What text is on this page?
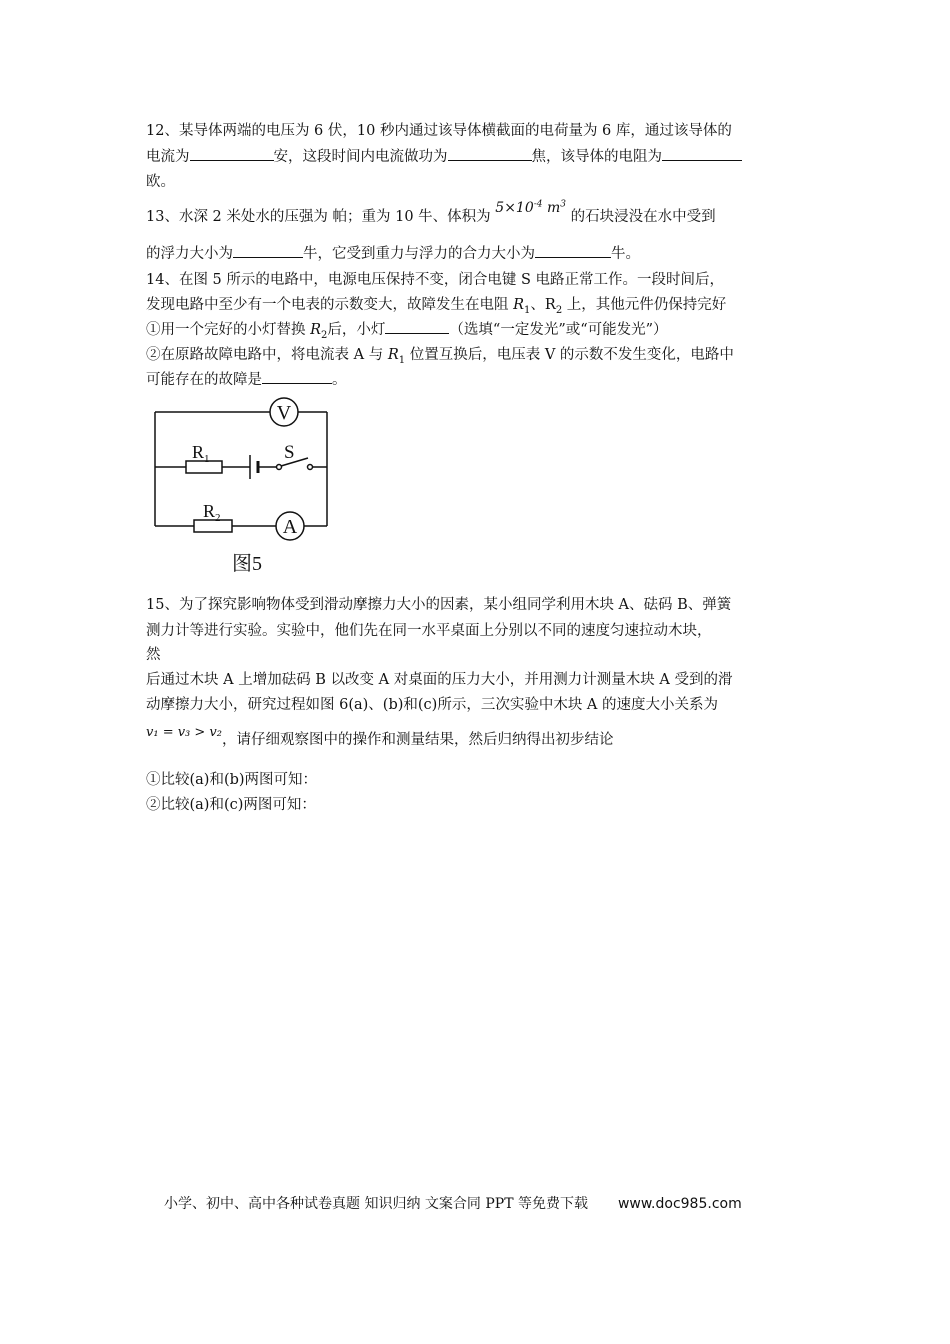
12、某导体两端的电压为 6 伏，10 秒内通过该导体横截面的电荷量为 6 库，通过该导体的
电流为	安，这段时间内电流做功为	焦，该导体的电阻为
欧。
13、水深 2 米处水的压强为 帕；重为 10 牛、体积为 $5\times 10^{-4}$ $m^3$ 的石块浸没在水中受到
的浮力大小为	牛，它受到重力与浮力的合力大小为	牛。
14、在图 5 所示的电路中，电源电压保持不变，闭合电键 S 电路正常工作。一段时间后，
发现电路中至少有一个电表的示数变大，故障发生在电阻 $R_1$、$R_2$ 上，其他元件仍保持完好
①用一个完好的小灯替换 $R_2$后，小灯	（选填“一定发光”或“可能发光”）
②在原路故障电路中，将电流表 A 与 $R_1$ 位置互换后，电压表 V 的示数不发生变化，电路中
可能存在的故障是	。
V
A
$R_1$
$R_2$
S
图5
15、为了探究影响物体受到滑动摩擦力大小的因素，某小组同学利用木块 A、砝码 B、弹簧
测力计等进行实验。实验中，他们先在同一水平桌面上分别以不同的速度匀速拉动木块，
然
后通过木块 A 上增加砝码 B 以改变 A 对桌面的压力大小，并用测力计测量木块 A 受到的滑
动摩擦力大小，研究过程如图 6(a)、(b)和(c)所示，三次实验中木块 A 的速度大小关系为
v₁ = v₃ > v₂，请仔细观察图中的操作和测量结果，然后归纳得出初步结论
①比较(a)和(b)两图可知：
②比较(a)和(c)两图可知：
小学、初中、高中各种试卷真题 知识归纳 文案合同 PPT 等免费下载 www.doc985.com
